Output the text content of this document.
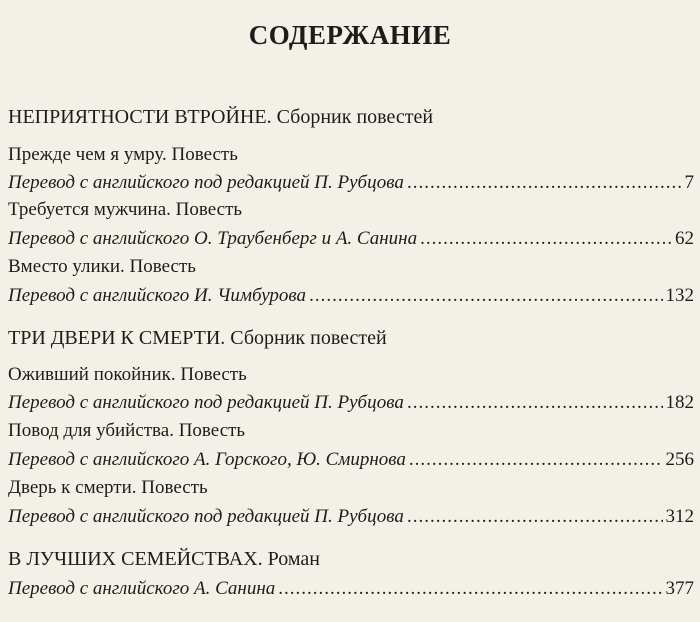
СОДЕРЖАНИЕ
НЕПРИЯТНОСТИ ВТРОЙНЕ. Сборник повестей
Прежде чем я умру. Повесть
Перевод с английского под редакцией П. Рубцова .....	7
Требуется мужчина. Повесть
Перевод с английского О. Траубенберг и А. Санина .....	62
Вместо улики. Повесть
Перевод с английского И. Чимбурова .....	132
ТРИ ДВЕРИ К СМЕРТИ. Сборник повестей
Оживший покойник. Повесть
Перевод с английского под редакцией П. Рубцова .....	182
Повод для убийства. Повесть
Перевод с английского А. Горского, Ю. Смирнова .....	256
Дверь к смерти. Повесть
Перевод с английского под редакцией П. Рубцова .....	312
В ЛУЧШИХ СЕМЕЙСТВАХ. Роман
Перевод с английского А. Санина .....	377
